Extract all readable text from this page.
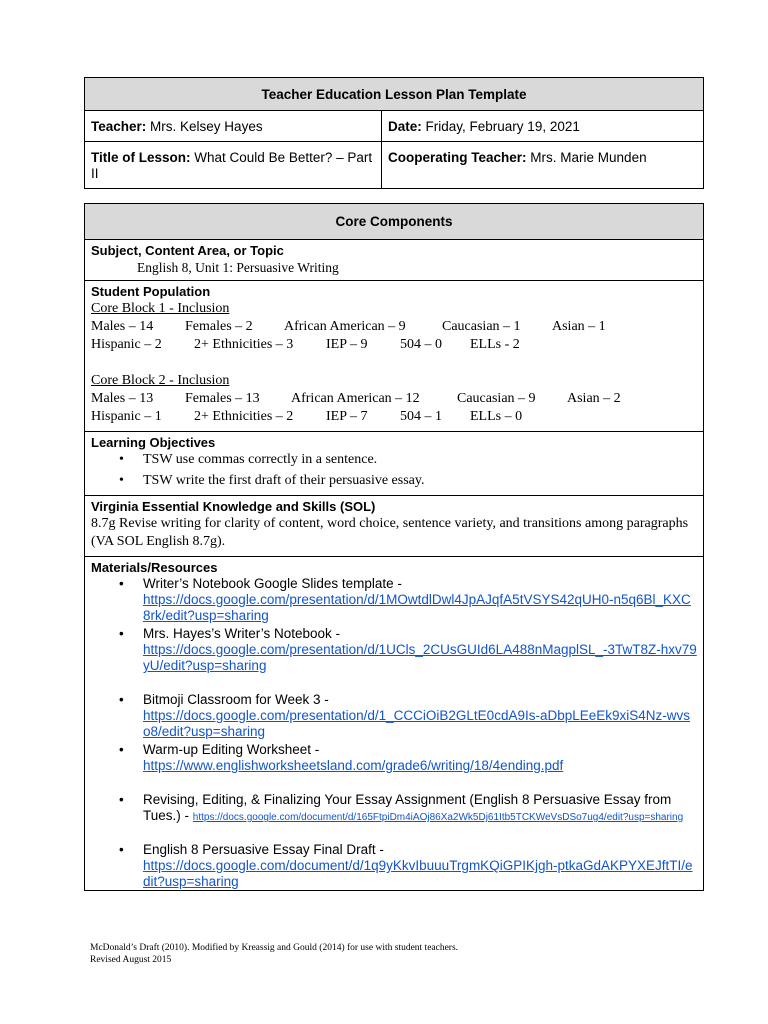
Teacher Education Lesson Plan Template	
Teacher: Mrs. Kelsey Hayes	Date: Friday, February 19, 2021
Title of Lesson: What Could Be Better? – Part II	Cooperating Teacher: Mrs. Marie Munden
Core Components

Subject, Content Area, or Topic
English 8, Unit 1: Persuasive Writing

Student Population
Core Block 1 - Inclusion
Males – 14 Females – 2 African American – 9	Caucasian – 1 Asian – 1
Hispanic – 2 2+ Ethnicities – 3 IEP – 9 504 – 0 ELLs - 2
Core Block 2 - Inclusion
Males – 13 Females – 13 African American – 12	Caucasian – 9 Asian – 2
Hispanic – 1 2+ Ethnicities – 2 IEP – 7 504 – 1 ELLs – 0

Learning Objectives
• TSW use commas correctly in a sentence.
• TSW write the first draft of their persuasive essay.

Virginia Essential Knowledge and Skills (SOL)
8.7g Revise writing for clarity of content, word choice, sentence variety, and transitions among paragraphs (VA SOL English 8.7g).

Materials/Resources
• Writer’s Notebook Google Slides template -
https://docs.google.com/presentation/d/1MOwtdlDwl4JpAJqfA5tVSYS42qUH0-n5q6Bl_KXC8rk/edit?usp=sharing
• Mrs. Hayes’s Writer’s Notebook -
https://docs.google.com/presentation/d/1UCls_2CUsGUId6LA488nMagplSL_-3TwT8Z-hxv79yU/edit?usp=sharing
• Bitmoji Classroom for Week 3 -
https://docs.google.com/presentation/d/1_CCCiOiB2GLtE0cdA9Is-aDbpLEeEk9xiS4Nz-wvso8/edit?usp=sharing
• Warm-up Editing Worksheet -
https://www.englishworksheetsland.com/grade6/writing/18/4ending.pdf
• Revising, Editing, & Finalizing Your Essay Assignment (English 8 Persuasive Essay from Tues.) - https://docs.google.com/document/d/165FtpiDm4iAOj86Xa2Wk5Dj61Itb5TCKWeVsDSo7ug4/edit?usp=sharing
• English 8 Persuasive Essay Final Draft -
https://docs.google.com/document/d/1q9yKkvIbuuuTrgmKQiGPIKjgh-ptkaGdAKPYXEJftTI/edit?usp=sharing
McDonald’s Draft (2010). Modified by Kreassig and Gould (2014) for use with student teachers.
Revised August 2015
